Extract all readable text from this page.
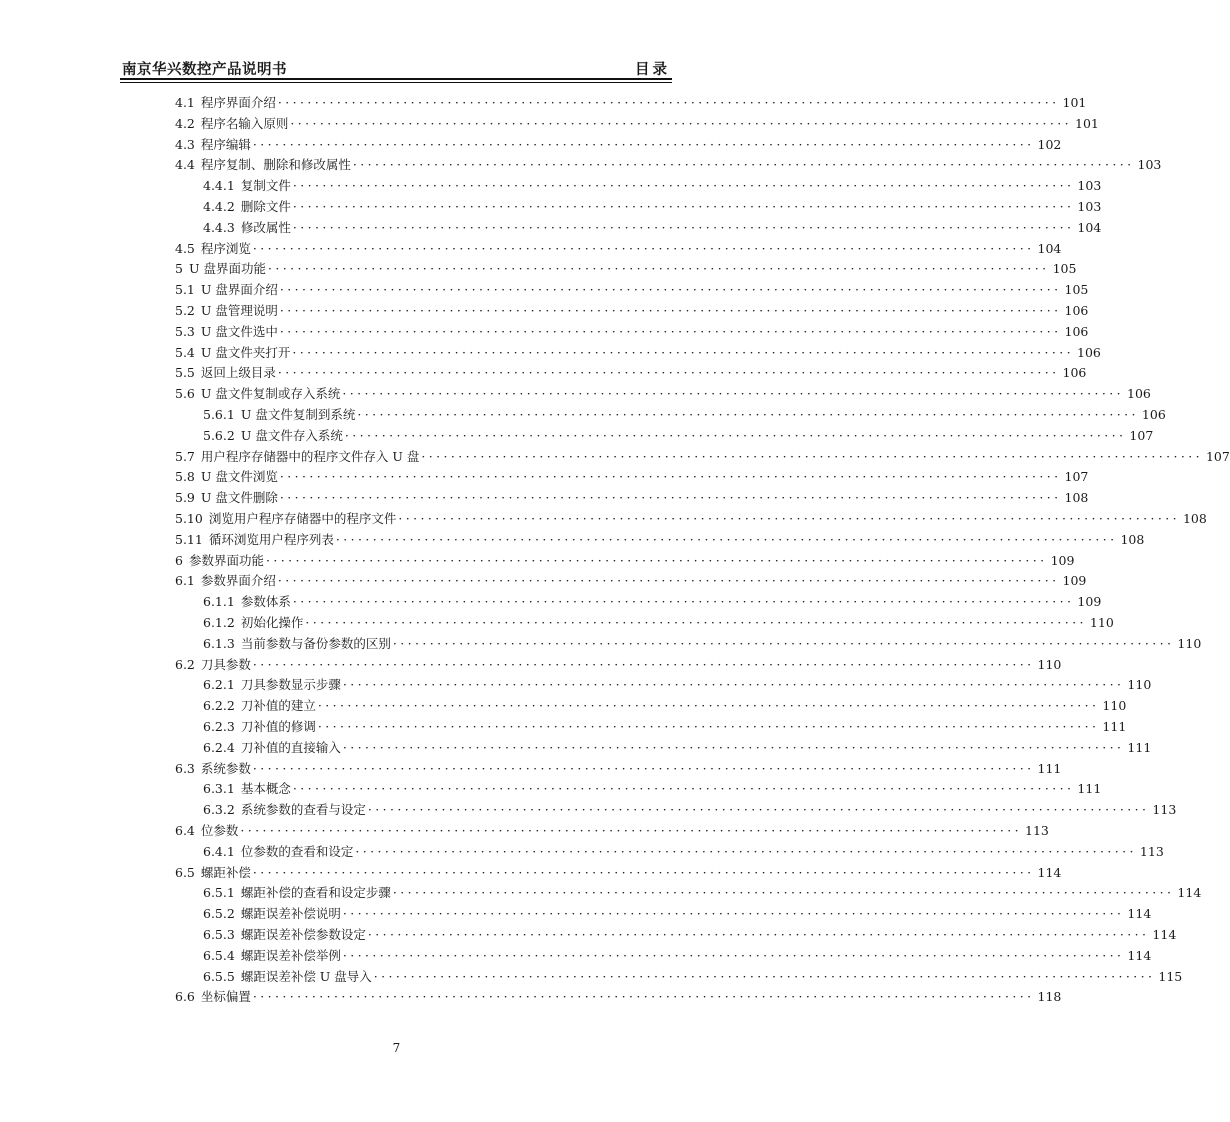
南京华兴数控产品说明书	目录
4.1 程序界面介绍 ·········································································································· 101
4.2 程序名输入原则 ·········································································································· 101
4.3 程序编辑 ·········································································································· 102
4.4 程序复制、删除和修改属性 ·········································································································· 103
4.4.1 复制文件 ·········································································································· 103
4.4.2 删除文件 ·········································································································· 103
4.4.3 修改属性 ·········································································································· 104
4.5 程序浏览 ·········································································································· 104
5 U 盘界面功能 ·········································································································· 105
5.1 U 盘界面介绍 ·········································································································· 105
5.2 U 盘管理说明 ·········································································································· 106
5.3 U 盘文件选中 ·········································································································· 106
5.4 U 盘文件夹打开 ·········································································································· 106
5.5 返回上级目录 ·········································································································· 106
5.6 U 盘文件复制或存入系统 ·········································································································· 106
5.6.1 U 盘文件复制到系统 ·········································································································· 106
5.6.2 U 盘文件存入系统 ·········································································································· 107
5.7 用户程序存储器中的程序文件存入 U 盘 ·········································································································· 107
5.8 U 盘文件浏览 ·········································································································· 107
5.9 U 盘文件删除 ·········································································································· 108
5.10 浏览用户程序存储器中的程序文件 ·········································································································· 108
5.11 循环浏览用户程序列表 ·········································································································· 108
6 参数界面功能 ·········································································································· 109
6.1 参数界面介绍 ·········································································································· 109
6.1.1 参数体系 ·········································································································· 109
6.1.2 初始化操作 ·········································································································· 110
6.1.3 当前参数与备份参数的区别 ·········································································································· 110
6.2 刀具参数 ·········································································································· 110
6.2.1 刀具参数显示步骤 ·········································································································· 110
6.2.2 刀补值的建立 ·········································································································· 110
6.2.3 刀补值的修调 ·········································································································· 111
6.2.4 刀补值的直接输入 ·········································································································· 111
6.3 系统参数 ·········································································································· 111
6.3.1 基本概念 ·········································································································· 111
6.3.2 系统参数的查看与设定 ·········································································································· 113
6.4 位参数 ·········································································································· 113
6.4.1 位参数的查看和设定 ·········································································································· 113
6.5 螺距补偿 ·········································································································· 114
6.5.1 螺距补偿的查看和设定步骤 ·········································································································· 114
6.5.2 螺距误差补偿说明 ·········································································································· 114
6.5.3 螺距误差补偿参数设定 ·········································································································· 114
6.5.4 螺距误差补偿举例 ·········································································································· 114
6.5.5 螺距误差补偿 U 盘导入 ·········································································································· 115
6.6 坐标偏置 ·········································································································· 118
7
